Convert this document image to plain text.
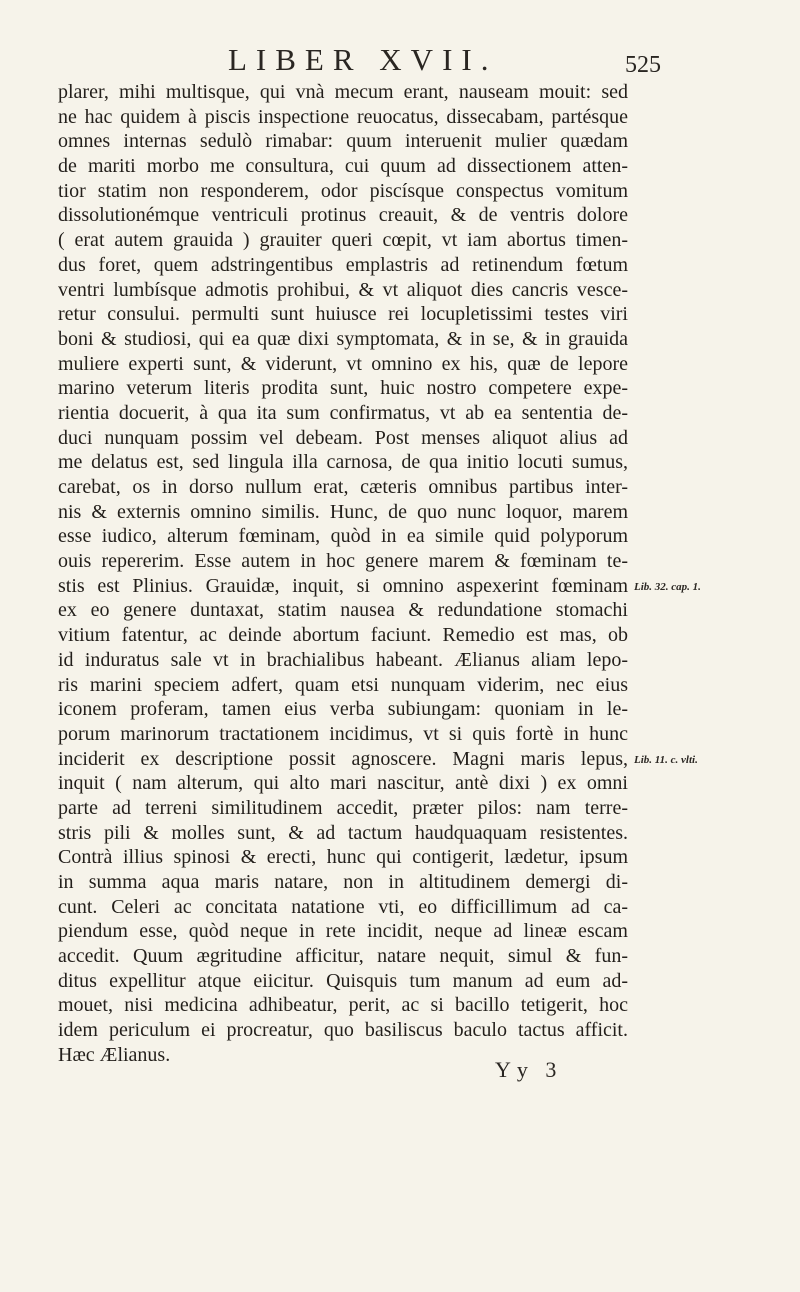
LIBER XVII.	525
plarer, mihi multisque, qui vnà mecum erant, nauseam mouit: sed
ne hac quidem à piscis inspectione reuocatus, dissecabam, partésque
omnes internas sedulò rimabar: quum interuenit mulier quædam
de mariti morbo me consultura, cui quum ad dissectionem atten-
tior statim non responderem, odor piscísque conspectus vomitum
dissolutionémque ventriculi protinus creauit, & de ventris dolore
( erat autem grauida ) grauiter queri cœpit, vt iam abortus timen-
dus foret, quem adstringentibus emplastris ad retinendum fœtum
ventri lumbísque admotis prohibui, & vt aliquot dies cancris vesce-
retur consului. permulti sunt huiusce rei locupletissimi testes viri
boni & studiosi, qui ea quæ dixi symptomata, & in se, & in grauida
muliere experti sunt, & viderunt, vt omnino ex his, quæ de lepore
marino veterum literis prodita sunt, huic nostro competere expe-
rientia docuerit, à qua ita sum confirmatus, vt ab ea sententia de-
duci nunquam possim vel debeam. Post menses aliquot alius ad
me delatus est, sed lingula illa carnosa, de qua initio locuti sumus,
carebat, os in dorso nullum erat, cæteris omnibus partibus inter-
nis & externis omnino similis. Hunc, de quo nunc loquor, marem
esse iudico, alterum fœminam, quòd in ea simile quid polyporum
ouis repererim. Esse autem in hoc genere marem & fœminam te-
stis est Plinius. Grauidæ, inquit, si omnino aspexerint fœminam
ex eo genere duntaxat, statim nausea & redundatione stomachi
vitium fatentur, ac deinde abortum faciunt. Remedio est mas, ob
id induratus sale vt in brachialibus habeant. Ælianus aliam lepo-
ris marini speciem adfert, quam etsi nunquam viderim, nec eius
iconem proferam, tamen eius verba subiungam: quoniam in le-
porum marinorum tractationem incidimus, vt si quis fortè in hunc
inciderit ex descriptione possit agnoscere. Magni maris lepus,
inquit ( nam alterum, qui alto mari nascitur, antè dixi ) ex omni
parte ad terreni similitudinem accedit, præter pilos: nam terre-
stris pili & molles sunt, & ad tactum haudquaquam resistentes.
Contrà illius spinosi & erecti, hunc qui contigerit, lædetur, ipsum
in summa aqua maris natare, non in altitudinem demergi di-
cunt. Celeri ac concitata natatione vti, eo difficillimum ad ca-
piendum esse, quòd neque in rete incidit, neque ad lineæ escam
accedit. Quum ægritudine afficitur, natare nequit, simul & fun-
ditus expellitur atque eiicitur. Quisquis tum manum ad eum ad-
mouet, nisi medicina adhibeatur, perit, ac si bacillo tetigerit, hoc
idem periculum ei procreatur, quo basiliscus baculo tactus afficit.
Hæc Ælianus.
Lib. 32. cap. 1.
Lib. 11. c. vlti.
Yy 3
